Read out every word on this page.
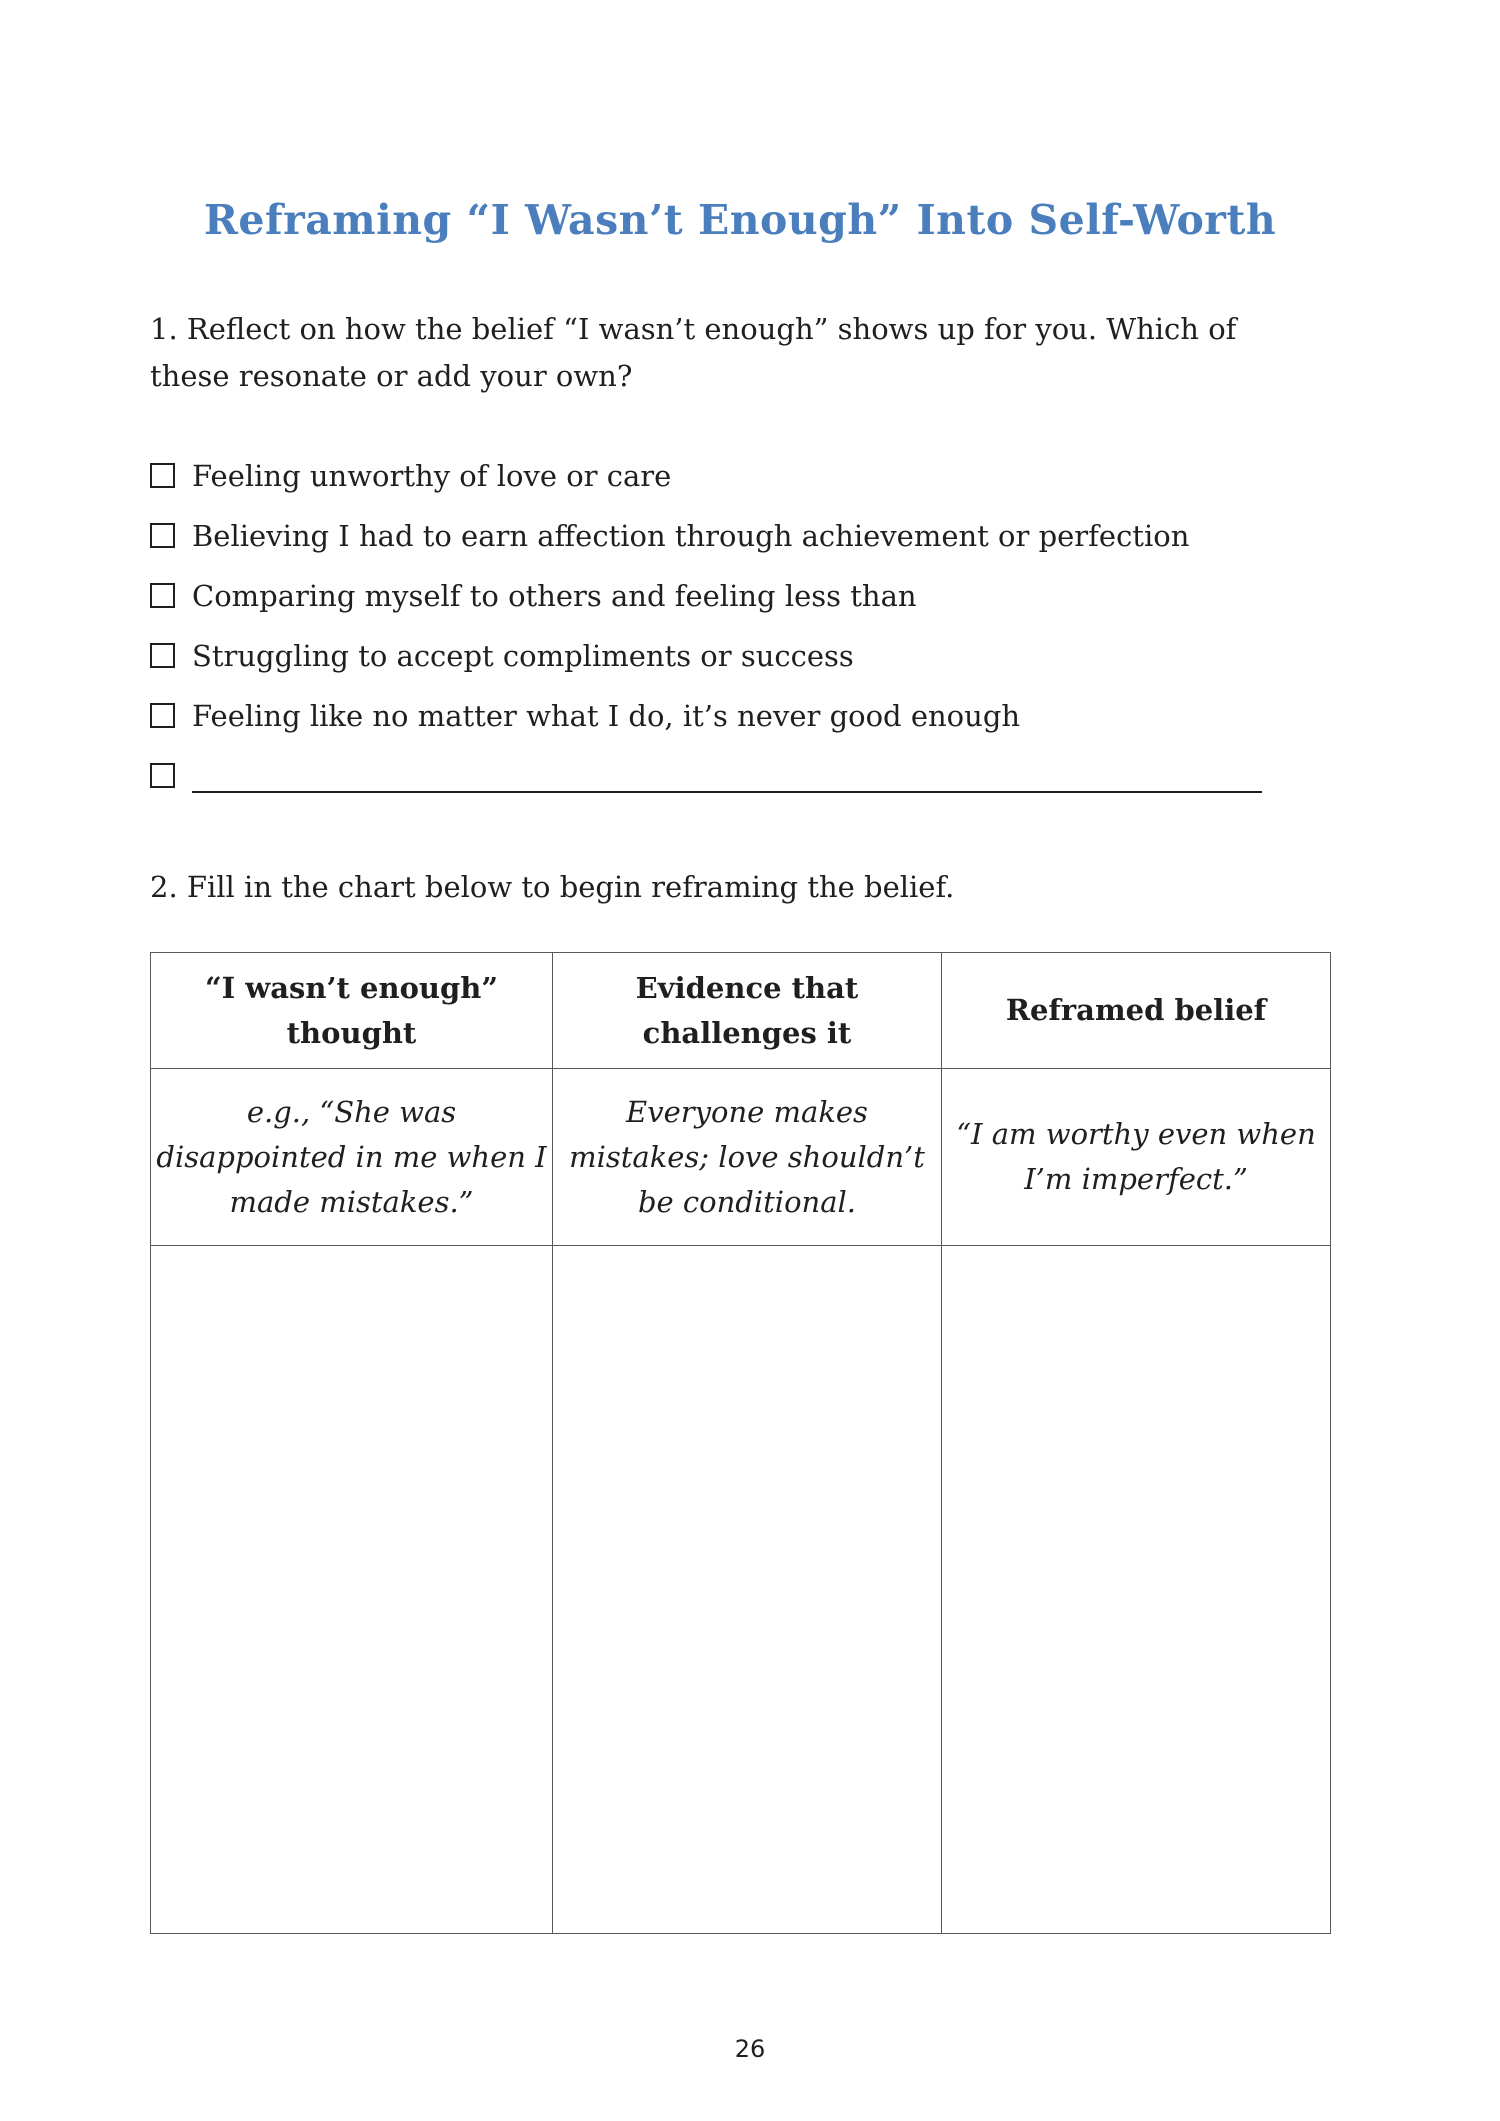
Reframing “I Wasn’t Enough” Into Self-Worth

1. Reflect on how the belief “I wasn’t enough” shows up for you. Which of these resonate or add your own?

Feeling unworthy of love or care
Believing I had to earn affection through achievement or perfection
Comparing myself to others and feeling less than
Struggling to accept compliments or success
Feeling like no matter what I do, it’s never good enough

2. Fill in the chart below to begin reframing the belief.

“I wasn’t enough” thought	Evidence that challenges it	Reframed belief
e.g., “She was disappointed in me when I made mistakes.”	Everyone makes mistakes; love shouldn’t be conditional.	“I am worthy even when I’m imperfect.”

26
